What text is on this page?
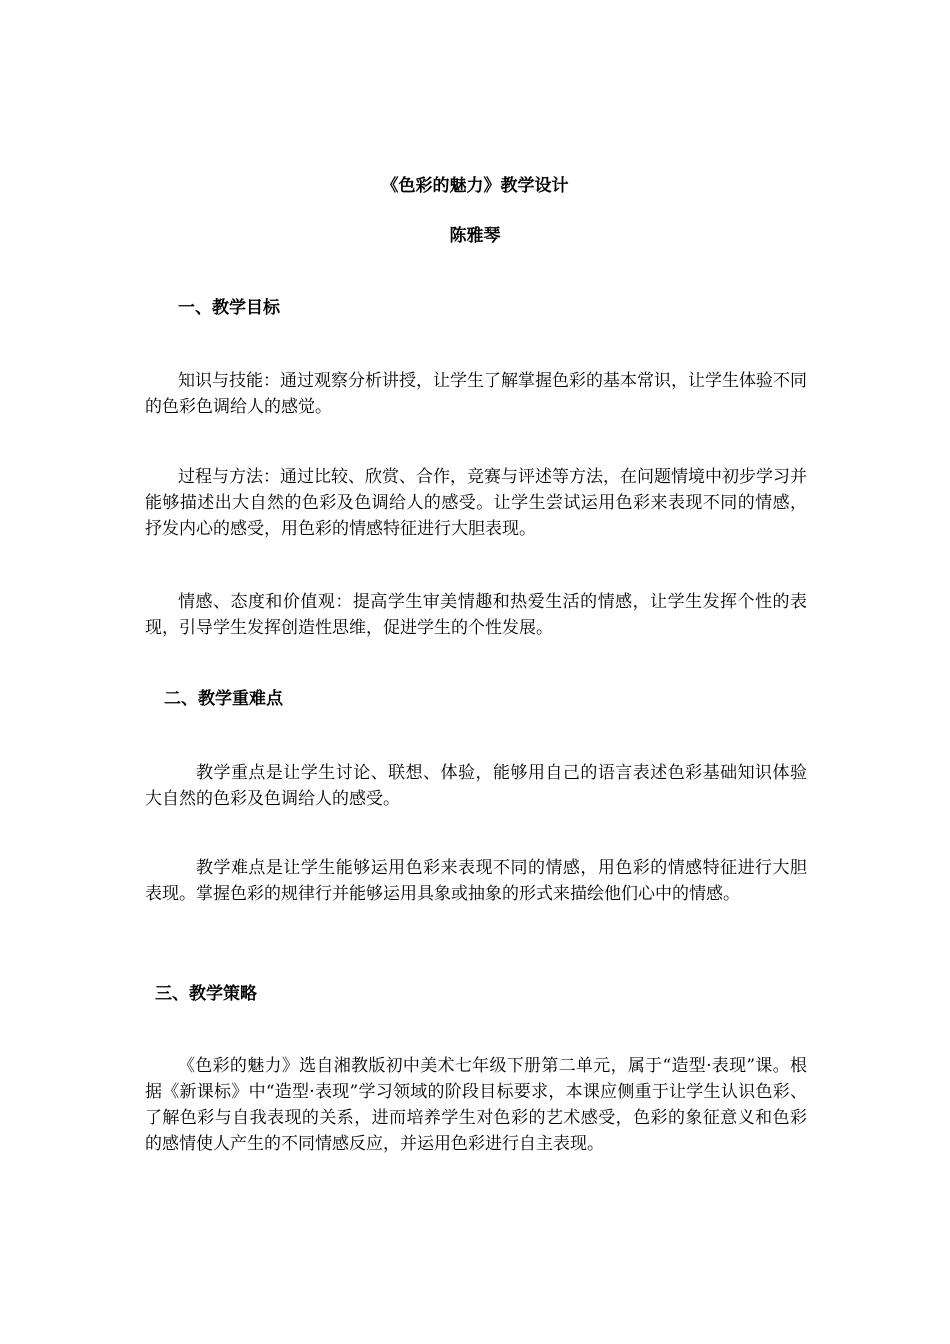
《色彩的魅力》教学设计
陈雅琴
一、教学目标
知识与技能：通过观察分析讲授，让学生了解掌握色彩的基本常识，让学生体验不同的色彩色调给人的感觉。
过程与方法：通过比较、欣赏、合作，竞赛与评述等方法，在问题情境中初步学习并能够描述出大自然的色彩及色调给人的感受。让学生尝试运用色彩来表现不同的情感，抒发内心的感受，用色彩的情感特征进行大胆表现。
情感、态度和价值观：提高学生审美情趣和热爱生活的情感，让学生发挥个性的表现，引导学生发挥创造性思维，促进学生的个性发展。
二、教学重难点
教学重点是让学生讨论、联想、体验，能够用自己的语言表述色彩基础知识体验大自然的色彩及色调给人的感受。
教学难点是让学生能够运用色彩来表现不同的情感，用色彩的情感特征进行大胆表现。掌握色彩的规律行并能够运用具象或抽象的形式来描绘他们心中的情感。
三、教学策略
《色彩的魅力》选自湘教版初中美术七年级下册第二单元，属于“造型·表现”课。根据《新课标》中“造型·表现”学习领域的阶段目标要求，本课应侧重于让学生认识色彩、了解色彩与自我表现的关系，进而培养学生对色彩的艺术感受，色彩的象征意义和色彩的感情使人产生的不同情感反应，并运用色彩进行自主表现。
